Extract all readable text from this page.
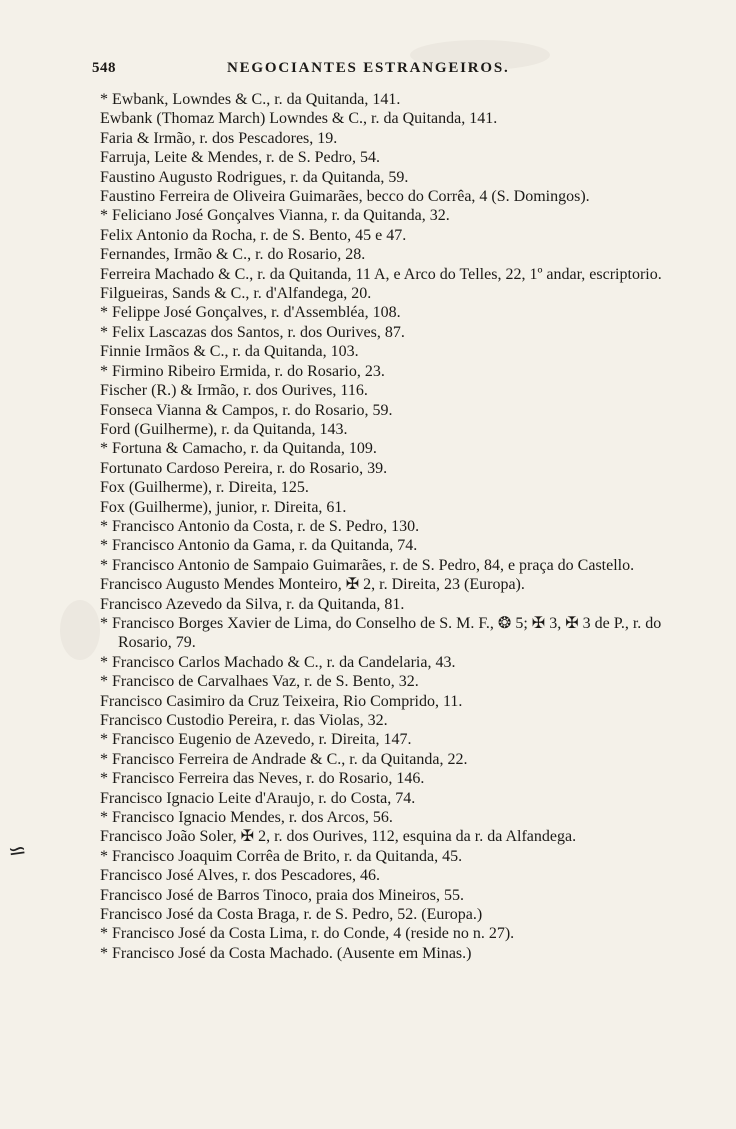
548	NEGOCIANTES ESTRANGEIROS.
⋍
* Ewbank, Lowndes & C., r. da Quitanda, 141.
Ewbank (Thomaz March) Lowndes & C., r. da Quitanda, 141.
Faria & Irmão, r. dos Pescadores, 19.
Farruja, Leite & Mendes, r. de S. Pedro, 54.
Faustino Augusto Rodrigues, r. da Quitanda, 59.
Faustino Ferreira de Oliveira Guimarães, becco do Corrêa, 4 (S. Domingos).
* Feliciano José Gonçalves Vianna, r. da Quitanda, 32.
Felix Antonio da Rocha, r. de S. Bento, 45 e 47.
Fernandes, Irmão & C., r. do Rosario, 28.
Ferreira Machado & C., r. da Quitanda, 11 A, e Arco do Telles, 22, 1º andar, escriptorio.
Filgueiras, Sands & C., r. d'Alfandega, 20.
* Felippe José Gonçalves, r. d'Assembléa, 108.
* Felix Lascazas dos Santos, r. dos Ourives, 87.
Finnie Irmãos & C., r. da Quitanda, 103.
* Firmino Ribeiro Ermida, r. do Rosario, 23.
Fischer (R.) & Irmão, r. dos Ourives, 116.
Fonseca Vianna & Campos, r. do Rosario, 59.
Ford (Guilherme), r. da Quitanda, 143.
* Fortuna & Camacho, r. da Quitanda, 109.
Fortunato Cardoso Pereira, r. do Rosario, 39.
Fox (Guilherme), r. Direita, 125.
Fox (Guilherme), junior, r. Direita, 61.
* Francisco Antonio da Costa, r. de S. Pedro, 130.
* Francisco Antonio da Gama, r. da Quitanda, 74.
* Francisco Antonio de Sampaio Guimarães, r. de S. Pedro, 84, e praça do Castello.
Francisco Augusto Mendes Monteiro, ✠ 2, r. Direita, 23 (Europa).
Francisco Azevedo da Silva, r. da Quitanda, 81.
* Francisco Borges Xavier de Lima, do Conselho de S. M. F., ❂ 5; ✠ 3, ✠ 3 de P., r. do Rosario, 79.
* Francisco Carlos Machado & C., r. da Candelaria, 43.
* Francisco de Carvalhaes Vaz, r. de S. Bento, 32.
Francisco Casimiro da Cruz Teixeira, Rio Comprido, 11.
Francisco Custodio Pereira, r. das Violas, 32.
* Francisco Eugenio de Azevedo, r. Direita, 147.
* Francisco Ferreira de Andrade & C., r. da Quitanda, 22.
* Francisco Ferreira das Neves, r. do Rosario, 146.
Francisco Ignacio Leite d'Araujo, r. do Costa, 74.
* Francisco Ignacio Mendes, r. dos Arcos, 56.
Francisco João Soler, ✠ 2, r. dos Ourives, 112, esquina da r. da Alfandega.
* Francisco Joaquim Corrêa de Brito, r. da Quitanda, 45.
Francisco José Alves, r. dos Pescadores, 46.
Francisco José de Barros Tinoco, praia dos Mineiros, 55.
Francisco José da Costa Braga, r. de S. Pedro, 52. (Europa.)
* Francisco José da Costa Lima, r. do Conde, 4 (reside no n. 27).
* Francisco José da Costa Machado. (Ausente em Minas.)
